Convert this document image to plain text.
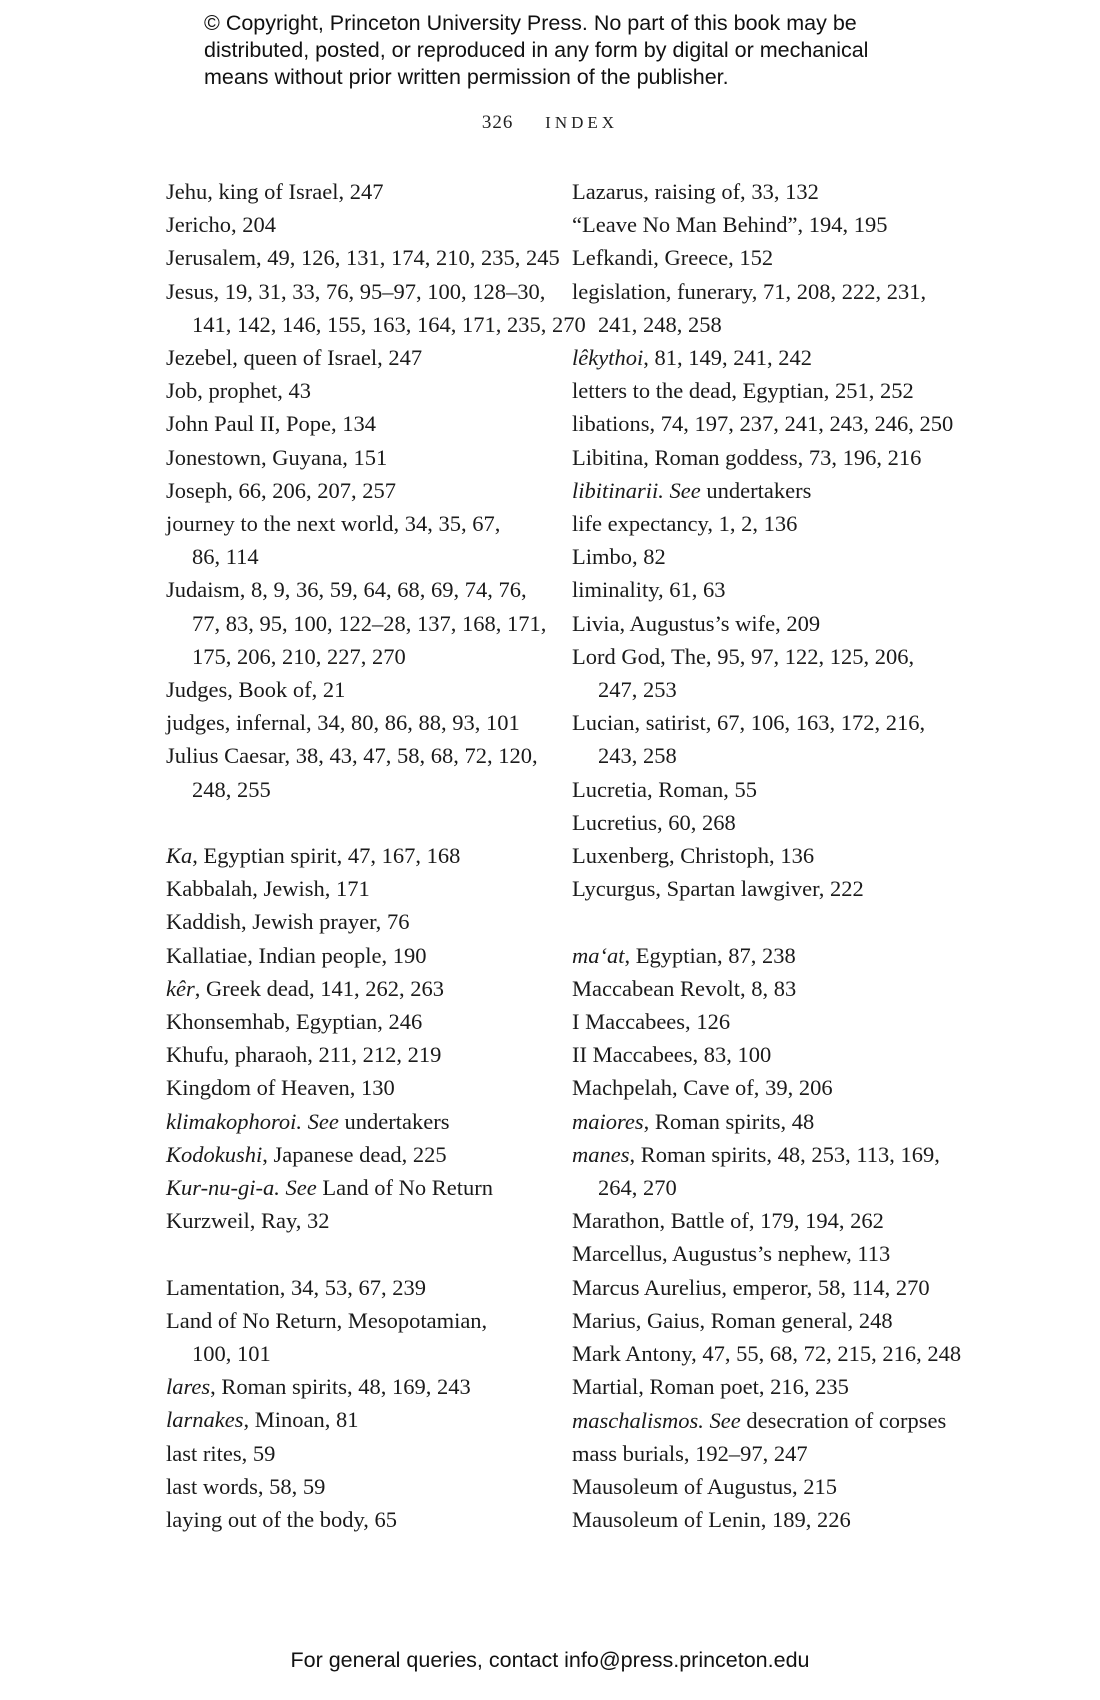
© Copyright, Princeton University Press. No part of this book may be
distributed, posted, or reproduced in any form by digital or mechanical
means without prior written permission of the publisher.
326 INDEX
Jehu, king of Israel, 247
Jericho, 204
Jerusalem, 49, 126, 131, 174, 210, 235, 245
Jesus, 19, 31, 33, 76, 95–97, 100, 128–30,
141, 142, 146, 155, 163, 164, 171, 235, 270
Jezebel, queen of Israel, 247
Job, prophet, 43
John Paul II, Pope, 134
Jonestown, Guyana, 151
Joseph, 66, 206, 207, 257
journey to the next world, 34, 35, 67,
86, 114
Judaism, 8, 9, 36, 59, 64, 68, 69, 74, 76,
77, 83, 95, 100, 122–28, 137, 168, 171,
175, 206, 210, 227, 270
Judges, Book of, 21
judges, infernal, 34, 80, 86, 88, 93, 101
Julius Caesar, 38, 43, 47, 58, 68, 72, 120,
248, 255
Ka, Egyptian spirit, 47, 167, 168
Kabbalah, Jewish, 171
Kaddish, Jewish prayer, 76
Kallatiae, Indian people, 190
kêr, Greek dead, 141, 262, 263
Khonsemhab, Egyptian, 246
Khufu, pharaoh, 211, 212, 219
Kingdom of Heaven, 130
klimakophoroi. See undertakers
Kodokushi, Japanese dead, 225
Kur-nu-gi-a. See Land of No Return
Kurzweil, Ray, 32
Lamentation, 34, 53, 67, 239
Land of No Return, Mesopotamian,
100, 101
lares, Roman spirits, 48, 169, 243
larnakes, Minoan, 81
last rites, 59
last words, 58, 59
laying out of the body, 65
Lazarus, raising of, 33, 132
“Leave No Man Behind”, 194, 195
Lefkandi, Greece, 152
legislation, funerary, 71, 208, 222, 231,
241, 248, 258
lêkythoi, 81, 149, 241, 242
letters to the dead, Egyptian, 251, 252
libations, 74, 197, 237, 241, 243, 246, 250
Libitina, Roman goddess, 73, 196, 216
libitinarii. See undertakers
life expectancy, 1, 2, 136
Limbo, 82
liminality, 61, 63
Livia, Augustus’s wife, 209
Lord God, The, 95, 97, 122, 125, 206,
247, 253
Lucian, satirist, 67, 106, 163, 172, 216,
243, 258
Lucretia, Roman, 55
Lucretius, 60, 268
Luxenberg, Christoph, 136
Lycurgus, Spartan lawgiver, 222
ma‘at, Egyptian, 87, 238
Maccabean Revolt, 8, 83
I Maccabees, 126
II Maccabees, 83, 100
Machpelah, Cave of, 39, 206
maiores, Roman spirits, 48
manes, Roman spirits, 48, 253, 113, 169,
264, 270
Marathon, Battle of, 179, 194, 262
Marcellus, Augustus’s nephew, 113
Marcus Aurelius, emperor, 58, 114, 270
Marius, Gaius, Roman general, 248
Mark Antony, 47, 55, 68, 72, 215, 216, 248
Martial, Roman poet, 216, 235
maschalismos. See desecration of corpses
mass burials, 192–97, 247
Mausoleum of Augustus, 215
Mausoleum of Lenin, 189, 226
For general queries, contact info@press.princeton.edu
